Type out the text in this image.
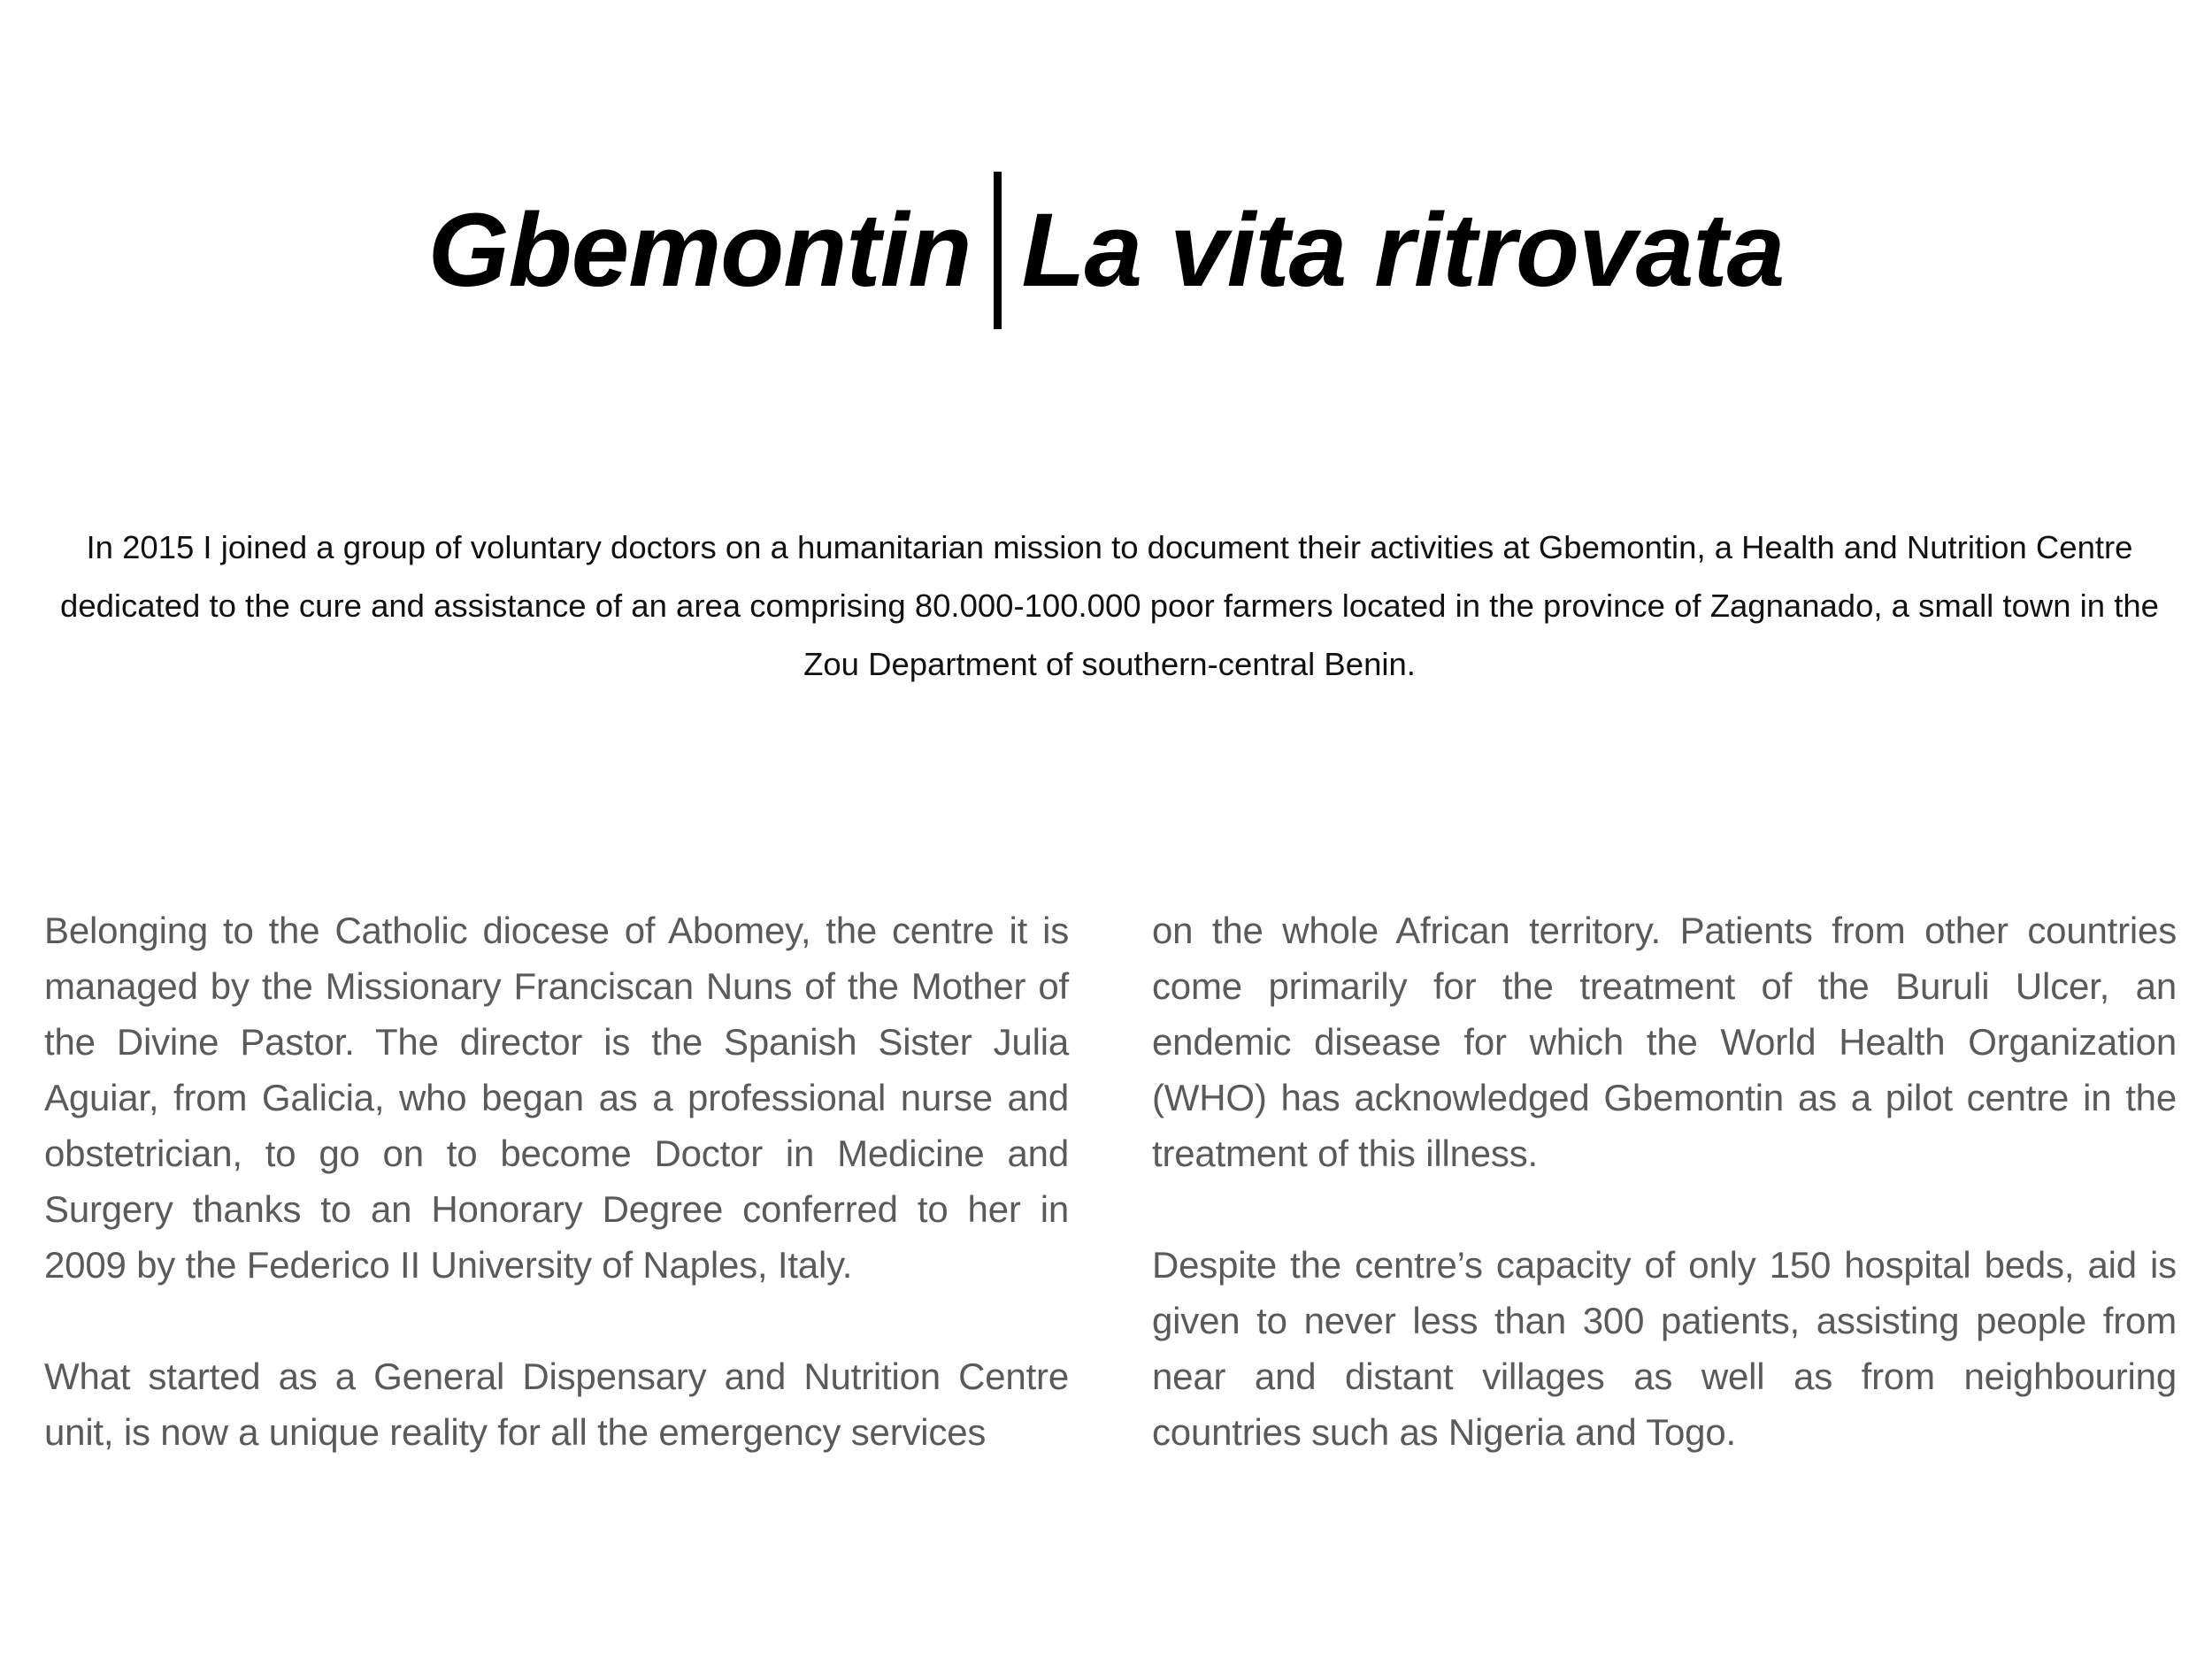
Gbemontin La vita ritrovata

In 2015 I joined a group of voluntary doctors on a humanitarian mission to document their activities at Gbemontin, a Health and Nutrition Centre dedicated to the cure and assistance of an area comprising 80.000-100.000 poor farmers located in the province of Zagnanado, a small town in the Zou Department of southern-central Benin.

Belonging to the Catholic diocese of Abomey, the centre it is managed by the Missionary Franciscan Nuns of the Mother of the Divine Pastor. The director is the Spanish Sister Julia Aguiar, from Galicia, who began as a professional nurse and obstetrician, to go on to become Doctor in Medicine and Surgery thanks to an Honorary Degree conferred to her in 2009 by the Federico II University of Naples, Italy.

What started as a General Dispensary and Nutrition Centre unit, is now a unique reality for all the emergency services

on the whole African territory. Patients from other countries come primarily for the treatment of the Buruli Ulcer, an endemic disease for which the World Health Organization (WHO) has acknowledged Gbemontin as a pilot centre in the treatment of this illness.

Despite the centre’s capacity of only 150 hospital beds, aid is given to never less than 300 patients, assisting people from near and distant villages as well as from neighbouring countries such as Nigeria and Togo.
